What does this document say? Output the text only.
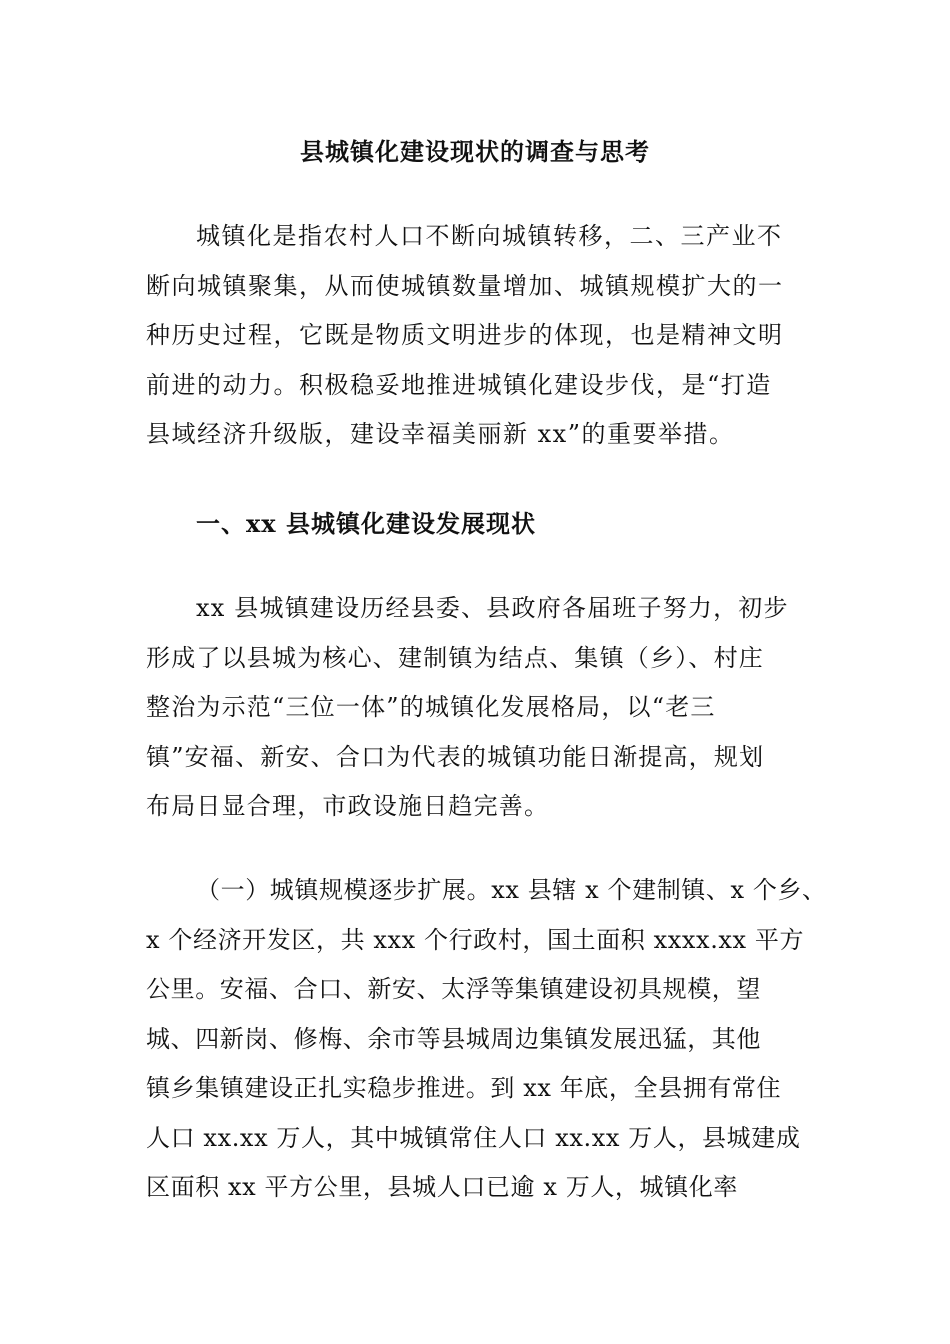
县城镇化建设现状的调查与思考
城镇化是指农村人口不断向城镇转移，二、三产业不
断向城镇聚集，从而使城镇数量增加、城镇规模扩大的一
种历史过程，它既是物质文明进步的体现，也是精神文明
前进的动力。积极稳妥地推进城镇化建设步伐，是“打造
县域经济升级版，建设幸福美丽新 xx”的重要举措。
一、xx 县城镇化建设发展现状
xx 县城镇建设历经县委、县政府各届班子努力，初步
形成了以县城为核心、建制镇为结点、集镇（乡）、村庄
整治为示范“三位一体”的城镇化发展格局，以“老三
镇”安福、新安、合口为代表的城镇功能日渐提高，规划
布局日显合理，市政设施日趋完善。
（一）城镇规模逐步扩展。xx 县辖 x 个建制镇、x 个乡、
x 个经济开发区，共 xxx 个行政村，国土面积 xxxx.xx 平方
公里。安福、合口、新安、太浮等集镇建设初具规模，望
城、四新岗、修梅、余市等县城周边集镇发展迅猛，其他
镇乡集镇建设正扎实稳步推进。到 xx 年底，全县拥有常住
人口 xx.xx 万人，其中城镇常住人口 xx.xx 万人，县城建成
区面积 xx 平方公里，县城人口已逾 x 万人，城镇化率
